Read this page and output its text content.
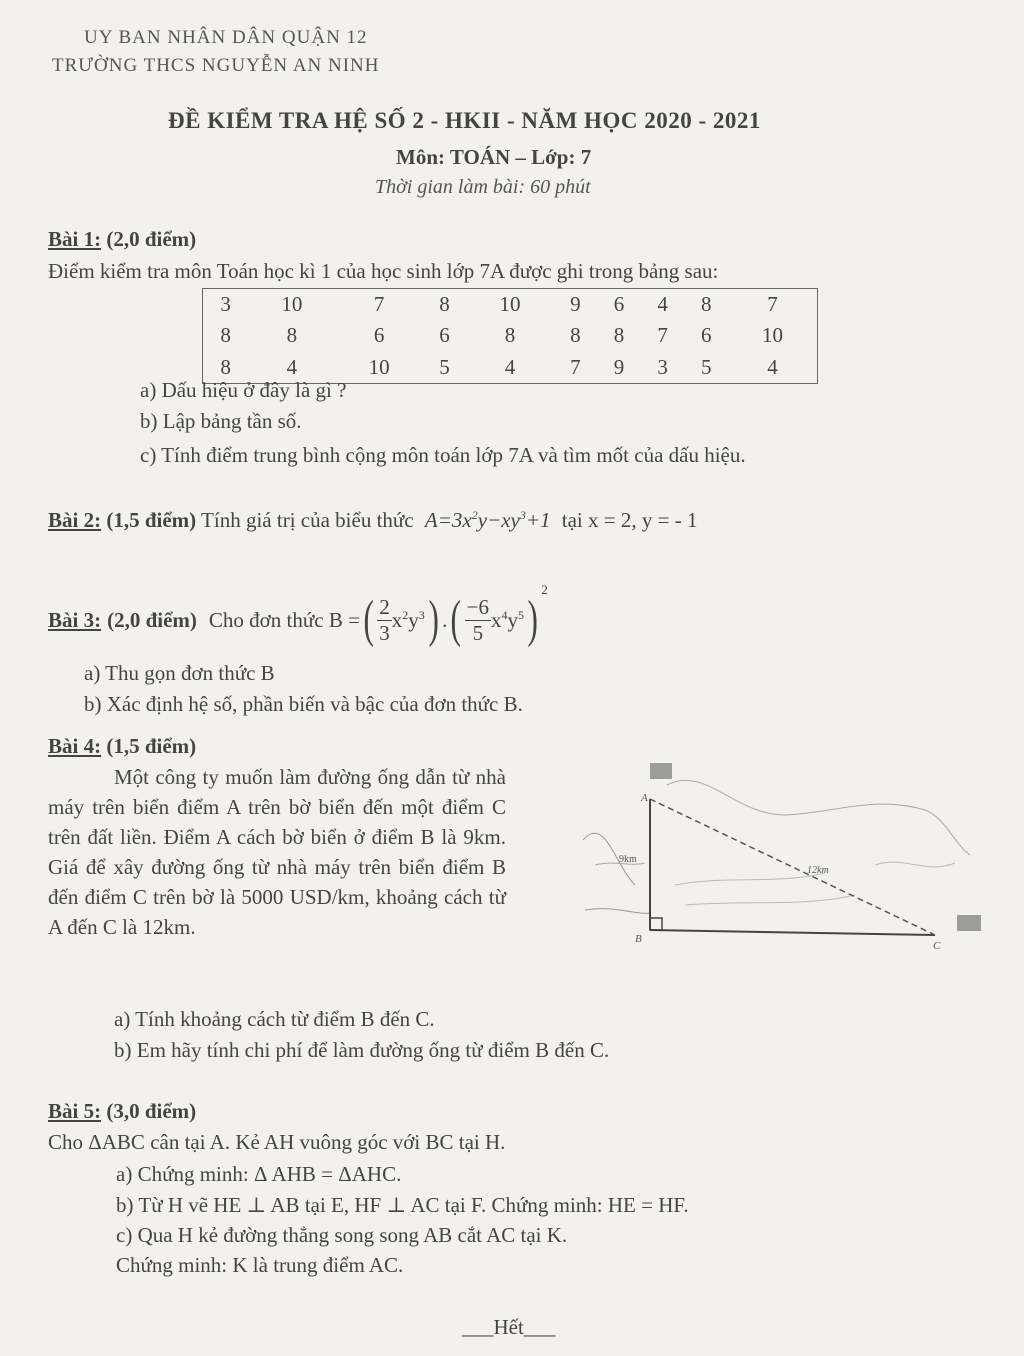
UY BAN NHÂN DÂN QUẬN 12
TRƯỜNG THCS NGUYỄN AN NINH
ĐỀ KIỂM TRA HỆ SỐ 2 - HKII - NĂM HỌC 2020 - 2021
Môn: TOÁN – Lớp: 7
Thời gian làm bài: 60 phút
Bài 1: (2,0 điểm)
Điểm kiểm tra môn Toán học kì 1 của học sinh lớp 7A được ghi trong bảng sau:
3	10	7	8	10	9	6	4	8	7
8	8	6	6	8	8	8	7	6	10
8	4	10	5	4	7	9	3	5	4
a) Dấu hiệu ở đây là gì ?
b) Lập bảng tần số.
c) Tính điểm trung bình cộng môn toán lớp 7A và tìm mốt của dấu hiệu.
Bài 2: (1,5 điểm) Tính giá trị của biểu thức $A=3x^2y-xy^3+1$ tại x = 2, y = - 1
Bài 3: (2,0 điểm) Cho đơn thức B = ( $\frac{2}{3} x^2y^3$ ) . ( $\frac{-6}{5} x^4y^5$ )
2
a) Thu gọn đơn thức B
b) Xác định hệ số, phần biến và bậc của đơn thức B.
Bài 4: (1,5 điểm)
Một công ty muốn làm đường ống dẫn từ nhà máy trên biển điểm A trên bờ biển đến một điểm C trên đất liền. Điểm A cách bờ biển ở điểm B là 9km. Giá để xây đường ống từ nhà máy trên biển điểm B đến điểm C trên bờ là 5000 USD/km, khoảng cách từ A đến C là 12km.
A
B
C
9km
12km
a) Tính khoảng cách từ điểm B đến C.
b) Em hãy tính chi phí để làm đường ống từ điểm B đến C.
Bài 5: (3,0 điểm)
Cho ΔABC cân tại A. Kẻ AH vuông góc với BC tại H.
a) Chứng minh: Δ AHB = ΔAHC.
b) Từ H vẽ HE ⊥ AB tại E, HF ⊥ AC tại F. Chứng minh: HE = HF.
c) Qua H kẻ đường thẳng song song AB cắt AC tại K.
Chứng minh: K là trung điểm AC.
___Hết___
